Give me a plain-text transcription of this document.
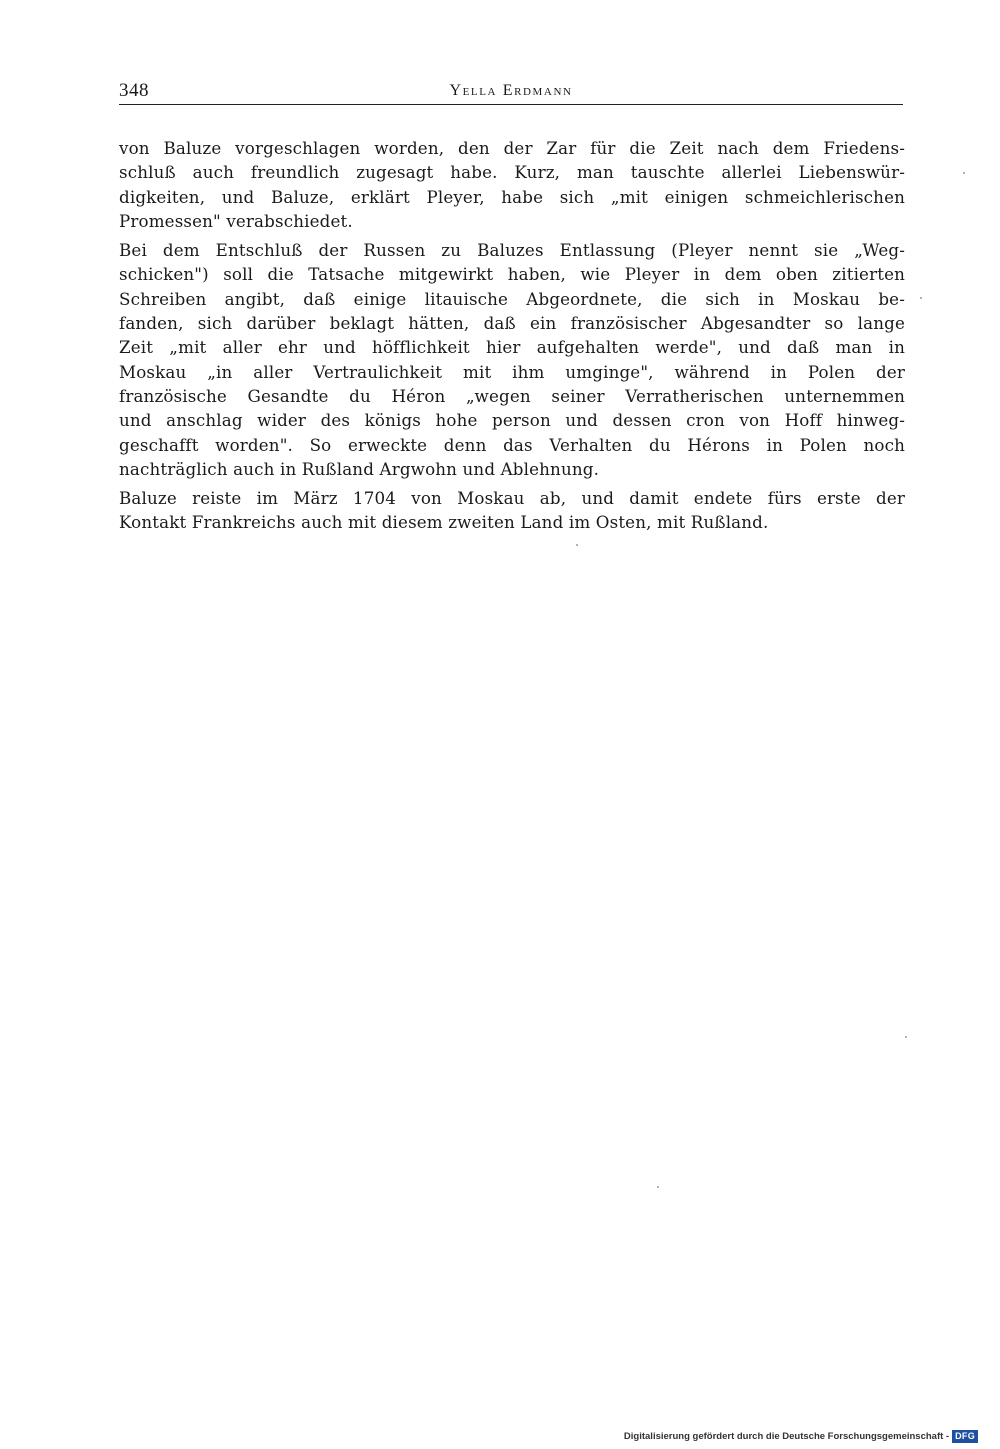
348	Yella Erdmann

von Baluze vorgeschlagen worden, den der Zar für die Zeit nach dem Friedens-
schluß auch freundlich zugesagt habe. Kurz, man tauschte allerlei Liebenswür-
digkeiten, und Baluze, erklärt Pleyer, habe sich „mit einigen schmeichlerischen
Promessen" verabschiedet.

Bei dem Entschluß der Russen zu Baluzes Entlassung (Pleyer nennt sie „Weg-
schicken") soll die Tatsache mitgewirkt haben, wie Pleyer in dem oben zitierten
Schreiben angibt, daß einige litauische Abgeordnete, die sich in Moskau be-
fanden, sich darüber beklagt hätten, daß ein französischer Abgesandter so lange
Zeit „mit aller ehr und höfflichkeit hier aufgehalten werde", und daß man in
Moskau „in aller Vertraulichkeit mit ihm umginge", während in Polen der
französische Gesandte du Héron „wegen seiner Verratherischen unternemmen
und anschlag wider des königs hohe person und dessen cron von Hoff hinweg-
geschafft worden". So erweckte denn das Verhalten du Hérons in Polen noch
nachträglich auch in Rußland Argwohn und Ablehnung.

Baluze reiste im März 1704 von Moskau ab, und damit endete fürs erste der
Kontakt Frankreichs auch mit diesem zweiten Land im Osten, mit Rußland.

Digitalisierung gefördert durch die Deutsche Forschungsgemeinschaft - DFG
